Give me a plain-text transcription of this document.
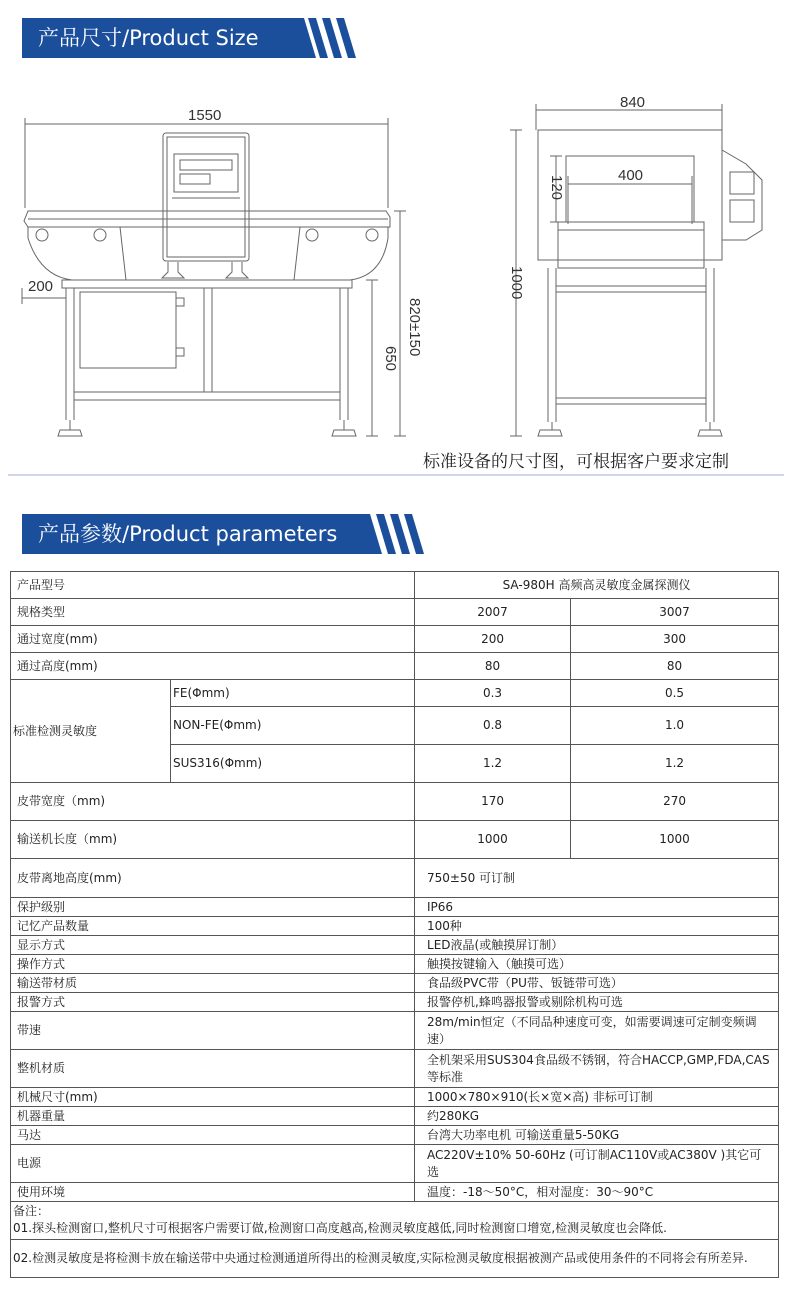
产品尺寸/Product Size
1550
200
650
820±150
840
400
120
1000
标准设备的尺寸图，可根据客户要求定制
产品参数/Product parameters
产品型号		SA-980H 高频高灵敏度金属探测仪	
规格类型		2007	3007
通过宽度(mm)		200	300
通过高度(mm)		80	80
标准检测灵敏度	FE(Φmm)	0.3	0.5
	NON-FE(Φmm)	0.8	1.0
	SUS316(Φmm)	1.2	1.2
皮带宽度（mm)		170	270
输送机长度（mm)		1000	1000
皮带离地高度(mm)		750±50 可订制	
保护级别		IP66	
记忆产品数量		100种	
显示方式		LED液晶(或触摸屏订制）	
操作方式		触摸按键输入（触摸可选）	
输送带材质		食品级PVC带（PU带、钣链带可选）	
报警方式		报警停机,蜂鸣器报警或剔除机构可选	
带速		28m/min恒定（不同品种速度可变，如需要调速可定制变频调速）	
整机材质		全机架采用SUS304食品级不锈钢，符合HACCP,GMP,FDA,CAS等标准	
机械尺寸(mm)		1000×780×910(长×宽×高) 非标可订制	
机器重量		约280KG	
马达		台湾大功率电机 可输送重量5-50KG	
电源		AC220V±10% 50-60Hz (可订制AC110V或AC380V )其它可选	
使用环境		温度：-18～50°C，相对湿度：30～90°C	

备注：
01.探头检测窗口,整机尺寸可根据客户需要订做,检测窗口高度越高,检测灵敏度越低,同时检测窗口增宽,检测灵敏度也会降低.			

02.检测灵敏度是将检测卡放在输送带中央通过检测通道所得出的检测灵敏度,实际检测灵敏度根据被测产品或使用条件的不同将会有所差异.			
